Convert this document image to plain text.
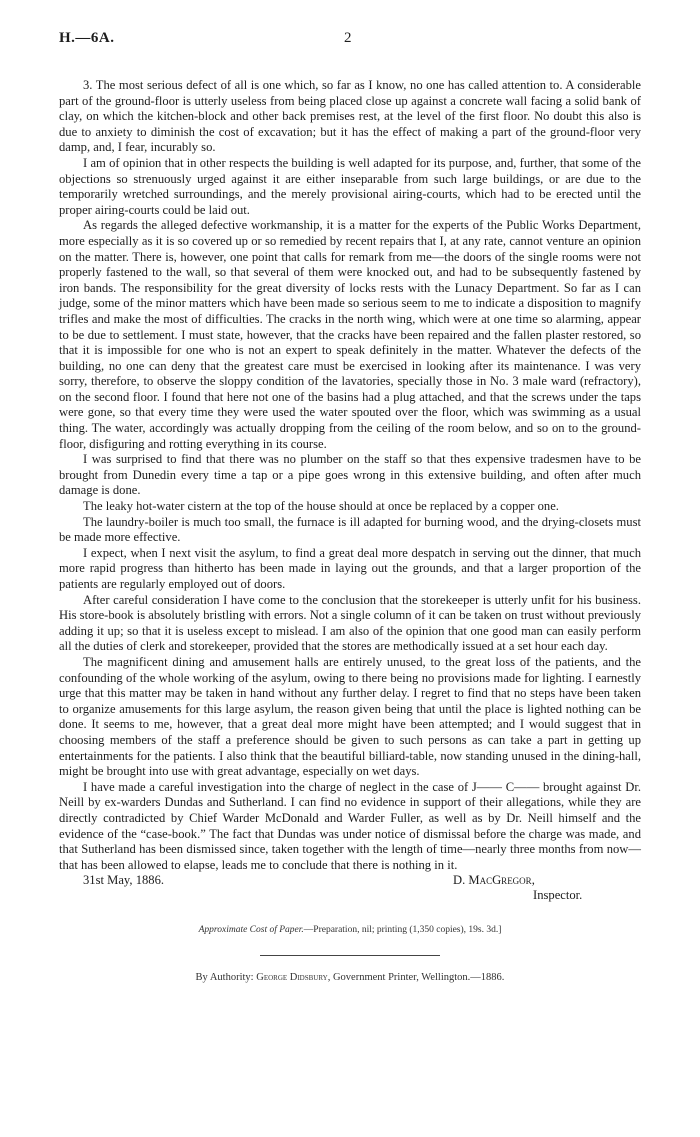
H.—6A.	2

3. The most serious defect of all is one which, so far as I know, no one has called attention to. A considerable part of the ground-floor is utterly useless from being placed close up against a concrete wall facing a solid bank of clay, on which the kitchen-block and other back premises rest, at the level of the first floor. No doubt this also is due to anxiety to diminish the cost of excavation; but it has the effect of making a part of the ground-floor very damp, and, I fear, incurably so.

I am of opinion that in other respects the building is well adapted for its purpose, and, further, that some of the objections so strenuously urged against it are either inseparable from such large buildings, or are due to the temporarily wretched surroundings, and the merely provisional airing-courts, which had to be erected until the proper airing-courts could be laid out.

As regards the alleged defective workmanship, it is a matter for the experts of the Public Works Department, more especially as it is so covered up or so remedied by recent repairs that I, at any rate, cannot venture an opinion on the matter. There is, however, one point that calls for remark from me—the doors of the single rooms were not properly fastened to the wall, so that several of them were knocked out, and had to be subsequently fastened by iron bands. The responsibility for the great diversity of locks rests with the Lunacy Department. So far as I can judge, some of the minor matters which have been made so serious seem to me to indicate a disposition to magnify trifles and make the most of difficulties. The cracks in the north wing, which were at one time so alarming, appear to be due to settlement. I must state, however, that the cracks have been repaired and the fallen plaster restored, so that it is impossible for one who is not an expert to speak definitely in the matter. Whatever the defects of the building, no one can deny that the greatest care must be exercised in looking after its maintenance. I was very sorry, therefore, to observe the sloppy condition of the lavatories, specially those in No. 3 male ward (refractory), on the second floor. I found that here not one of the basins had a plug attached, and that the screws under the taps were gone, so that every time they were used the water spouted over the floor, which was swimming as a usual thing. The water, accordingly was actually dropping from the ceiling of the room below, and so on to the ground-floor, disfiguring and rotting everything in its course.

I was surprised to find that there was no plumber on the staff so that thes expensive tradesmen have to be brought from Dunedin every time a tap or a pipe goes wrong in this extensive building, and often after much damage is done.

The leaky hot-water cistern at the top of the house should at once be replaced by a copper one.

The laundry-boiler is much too small, the furnace is ill adapted for burning wood, and the drying-closets must be made more effective.

I expect, when I next visit the asylum, to find a great deal more despatch in serving out the dinner, that much more rapid progress than hitherto has been made in laying out the grounds, and that a larger proportion of the patients are regularly employed out of doors.

After careful consideration I have come to the conclusion that the storekeeper is utterly unfit for his business. His store-book is absolutely bristling with errors. Not a single column of it can be taken on trust without previously adding it up; so that it is useless except to mislead. I am also of the opinion that one good man can easily perform all the duties of clerk and storekeeper, provided that the stores are methodically issued at a set hour each day.

The magnificent dining and amusement halls are entirely unused, to the great loss of the patients, and the confounding of the whole working of the asylum, owing to there being no provisions made for lighting. I earnestly urge that this matter may be taken in hand without any further delay. I regret to find that no steps have been taken to organize amusements for this large asylum, the reason given being that until the place is lighted nothing can be done. It seems to me, however, that a great deal more might have been attempted; and I would suggest that in choosing members of the staff a preference should be given to such persons as can take a part in getting up entertainments for the patients. I also think that the beautiful billiard-table, now standing unused in the dining-hall, might be brought into use with great advantage, especially on wet days.

I have made a careful investigation into the charge of neglect in the case of J—— C—— brought against Dr. Neill by ex-warders Dundas and Sutherland. I can find no evidence in support of their allegations, while they are directly contradicted by Chief Warder McDonald and Warder Fuller, as well as by Dr. Neill himself and the evidence of the “case-book.” The fact that Dundas was under notice of dismissal before the charge was made, and that Sutherland has been dismissed since, taken together with the length of time—nearly three months from now—that has been allowed to elapse, leads me to conclude that there is nothing in it.

31st May, 1886.	D. MacGregor,
Inspector.
Approximate Cost of Paper.—Preparation, nil; printing (1,350 copies), 19s. 3d.]
By Authority: George Didsbury, Government Printer, Wellington.—1886.
